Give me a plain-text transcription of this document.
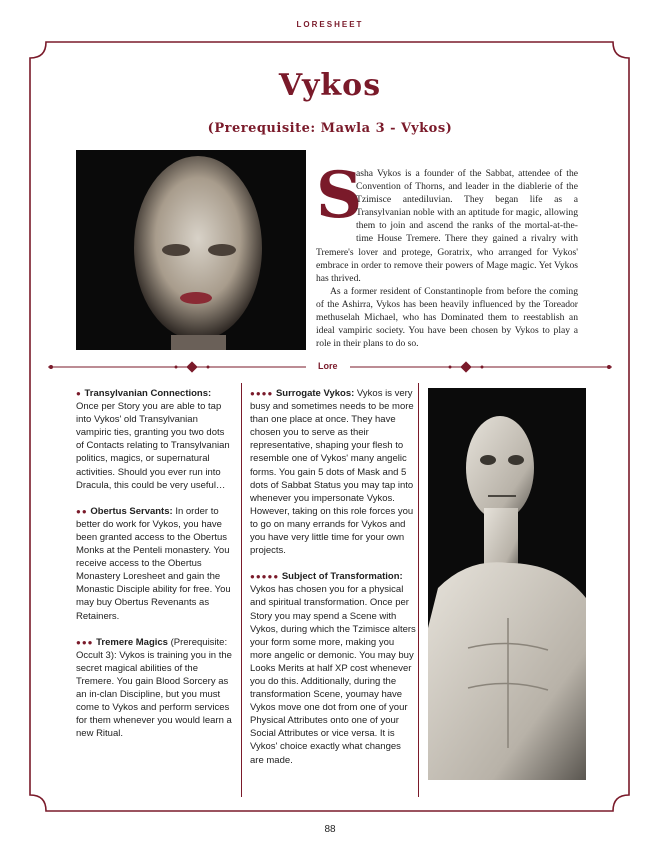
LORESHEET
Vykos
(Prerequisite: Mawla 3 - Vykos)
S

asha Vykos is a founder of the Sabbat, attendee of the Convention of Thorns, and leader in the diablerie of the Tzimisce antediluvian. They began life as a Transylvanian noble with an aptitude for magic, allowing them to join and ascend the ranks of the mortal-at-the-time House Tremere. There they gained a rivalry with Tremere's lover and protege, Goratrix, who arranged for Vykos' embrace in order to remove their powers of Mage magic. Yet Vykos has thrived.

As a former resident of Constantinople from before the coming of the Ashirra, Vykos has been heavily influenced by the Toreador methuselah Michael, who has Dominated them to reestablish an ideal vampiric society. You have been chosen by Vykos to play a role in their plans to do so.

Lore

● Transylvanian Connections: Once per Story you are able to tap into Vykos' old Transylvanian vampiric ties, granting you two dots of Contacts relating to Transylvanian politics, magics, or supernatural activities. Should you ever run into Dracula, this could be very useful…

●● Obertus Servants: In order to better do work for Vykos, you have been granted access to the Obertus Monks at the Penteli monastery. You receive access to the Obertus Monastery Loresheet and gain the Monastic Disciple ability for free. You may buy Obertus Revenants as Retainers.

●●● Tremere Magics (Prerequisite: Occult 3): Vykos is training you in the secret magical abilities of the Tremere. You gain Blood Sorcery as an in-clan Discipline, but you must come to Vykos and perform services for them whenever you would learn a new Ritual.

●●●● Surrogate Vykos: Vykos is very busy and sometimes needs to be more than one place at once. They have chosen you to serve as their representative, shaping your flesh to resemble one of Vykos' many angelic forms. You gain 5 dots of Mask and 5 dots of Sabbat Status you may tap into whenever you impersonate Vykos. However, taking on this role forces you to go on many errands for Vykos and you have very little time for your own projects.

●●●●● Subject of Transformation: Vykos has chosen you for a physical and spiritual transformation. Once per Story you may spend a Scene with Vykos, during which the Tzimisce alters your form some more, making you more angelic or demonic. You may buy Looks Merits at half XP cost whenever you do this. Additionally, during the transformation Scene, youmay have Vykos move one dot from one of your Physical Attributes onto one of your Social Attributes or vice versa. It is Vykos' choice exactly what changes are made.

88
